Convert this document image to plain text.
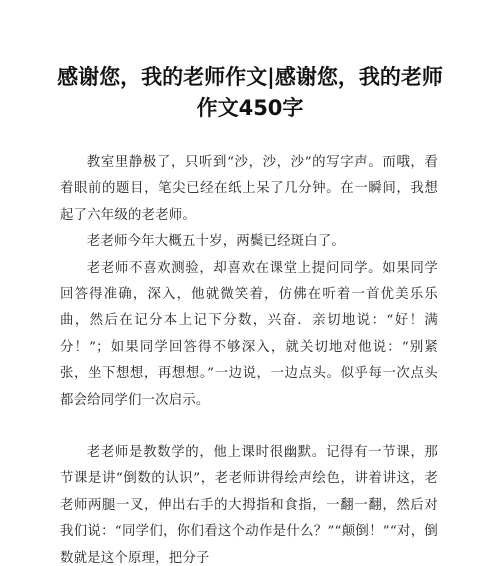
感谢您，我的老师作文|感谢您，我的老师作文450字

教室里静极了，只听到“沙，沙，沙”的写字声。而哦，看着眼前的题目，笔尖已经在纸上呆了几分钟。在一瞬间，我想起了六年级的老老师。

老老师今年大概五十岁，两鬓已经斑白了。

老老师不喜欢测验，却喜欢在课堂上提问同学。如果同学回答得准确，深入，他就微笑着，仿佛在听着一首优美乐乐曲，然后在记分本上记下分数，兴奋．亲切地说：“好！满分！”；如果同学回答得不够深入，就关切地对他说：“别紧张，坐下想想，再想想。”一边说，一边点头。似乎每一次点头都会给同学们一次启示。

老老师是教数学的，他上课时很幽默。记得有一节课，那节课是讲“倒数的认识”，老老师讲得绘声绘色，讲着讲这，老老师两腿一叉，伸出右手的大拇指和食指，一翻一翻，然后对我们说：“同学们，你们看这个动作是什么？”“颠倒！”“对，倒数就是这个原理，把分子
